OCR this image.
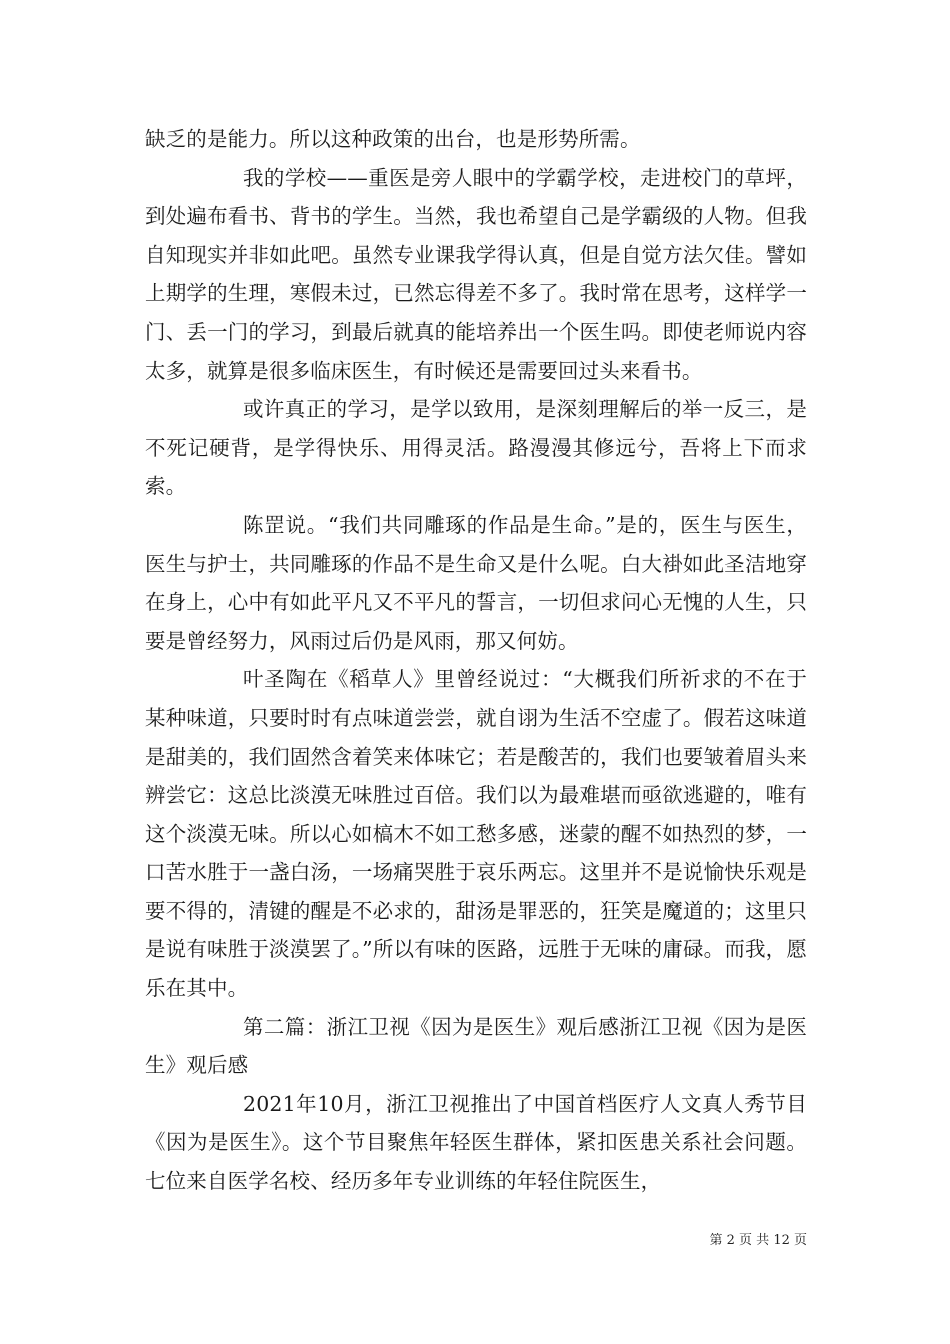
缺乏的是能力。所以这种政策的出台，也是形势所需。

我的学校——重医是旁人眼中的学霸学校，走进校门的草坪，到处遍布看书、背书的学生。当然，我也希望自己是学霸级的人物。但我自知现实并非如此吧。虽然专业课我学得认真，但是自觉方法欠佳。譬如上期学的生理，寒假未过，已然忘得差不多了。我时常在思考，这样学一门、丢一门的学习，到最后就真的能培养出一个医生吗。即使老师说内容太多，就算是很多临床医生，有时候还是需要回过头来看书。

或许真正的学习，是学以致用，是深刻理解后的举一反三，是不死记硬背，是学得快乐、用得灵活。路漫漫其修远兮，吾将上下而求索。

陈罡说。“我们共同雕琢的作品是生命。”是的，医生与医生，医生与护士，共同雕琢的作品不是生命又是什么呢。白大褂如此圣洁地穿在身上，心中有如此平凡又不平凡的誓言，一切但求问心无愧的人生，只要是曾经努力，风雨过后仍是风雨，那又何妨。

叶圣陶在《稻草人》里曾经说过：“大概我们所祈求的不在于某种味道，只要时时有点味道尝尝，就自诩为生活不空虚了。假若这味道是甜美的，我们固然含着笑来体味它；若是酸苦的，我们也要皱着眉头来辨尝它：这总比淡漠无味胜过百倍。我们以为最难堪而亟欲逃避的，唯有这个淡漠无味。所以心如槁木不如工愁多感，迷蒙的醒不如热烈的梦，一口苦水胜于一盏白汤，一场痛哭胜于哀乐两忘。这里并不是说愉快乐观是要不得的，清键的醒是不必求的，甜汤是罪恶的，狂笑是魔道的；这里只是说有味胜于淡漠罢了。”所以有味的医路，远胜于无味的庸碌。而我，愿乐在其中。

第二篇：浙江卫视《因为是医生》观后感浙江卫视《因为是医生》观后感

2021年10月，浙江卫视推出了中国首档医疗人文真人秀节目《因为是医生》。这个节目聚焦年轻医生群体，紧扣医患关系社会问题。七位来自医学名校、经历多年专业训练的年轻住院医生，

第 2 页 共 12 页
